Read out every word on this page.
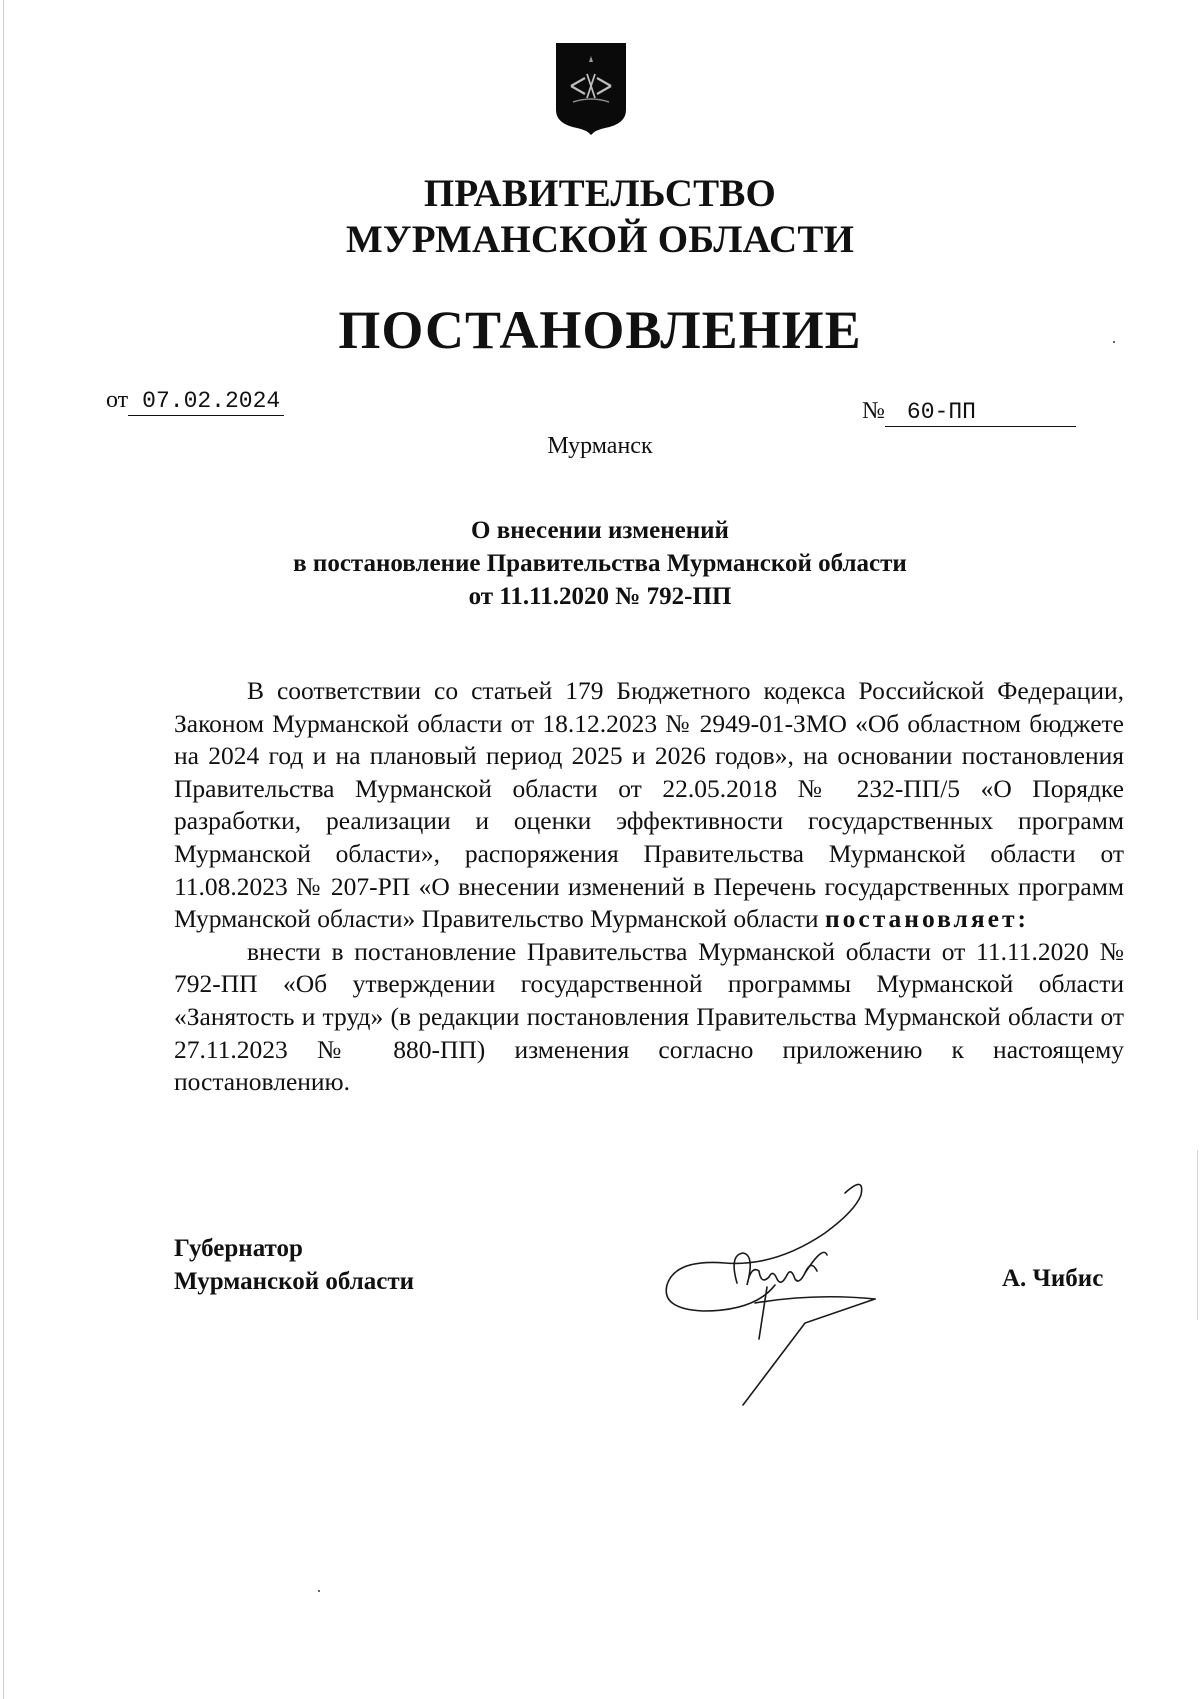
ПРАВИТЕЛЬСТВО
МУРМАНСКОЙ ОБЛАСТИ
ПОСТАНОВЛЕНИЕ
от 07.02.2024	№ 60-ПП
Мурманск
О внесении изменений
в постановление Правительства Мурманской области
от 11.11.2020 № 792-ПП

В соответствии со статьей 179 Бюджетного кодекса Российской Федерации, Законом Мурманской области от 18.12.2023 № 2949-01-ЗМО «Об областном бюджете на 2024 год и на плановый период 2025 и 2026 годов», на основании постановления Правительства Мурманской области от 22.05.2018 № 232-ПП/5 «О Порядке разработки, реализации и оценки эффективности государственных программ Мурманской области», распоряжения Правительства Мурманской области от 11.08.2023 № 207-РП «О внесении изменений в Перечень государственных программ Мурманской области» Правительство Мурманской области постановляет:

внести в постановление Правительства Мурманской области от 11.11.2020 № 792-ПП «Об утверждении государственной программы Мурманской области «Занятость и труд» (в редакции постановления Правительства Мурманской области от 27.11.2023 № 880-ПП) изменения согласно приложению к настоящему постановлению.

Губернатор
Мурманской области	А. Чибис
